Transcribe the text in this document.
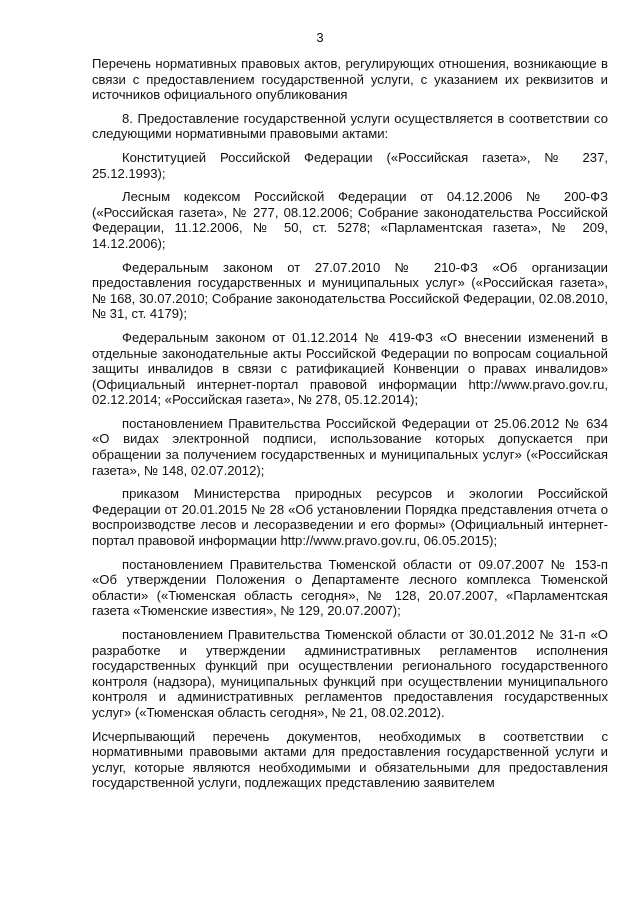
3

Перечень нормативных правовых актов, регулирующих отношения, возникающие в связи с предоставлением государственной услуги, с указанием их реквизитов и источников официального опубликования

8. Предоставление государственной услуги осуществляется в соответствии со следующими нормативными правовыми актами:

Конституцией Российской Федерации («Российская газета», № 237, 25.12.1993);

Лесным кодексом Российской Федерации от 04.12.2006 № 200-ФЗ («Российская газета», № 277, 08.12.2006; Собрание законодательства Российской Федерации, 11.12.2006, № 50, ст. 5278; «Парламентская газета», № 209, 14.12.2006);

Федеральным законом от 27.07.2010 № 210-ФЗ «Об организации предоставления государственных и муниципальных услуг» («Российская газета», № 168, 30.07.2010; Собрание законодательства Российской Федерации, 02.08.2010, № 31, ст. 4179);

Федеральным законом от 01.12.2014 № 419-ФЗ «О внесении изменений в отдельные законодательные акты Российской Федерации по вопросам социальной защиты инвалидов в связи с ратификацией Конвенции о правах инвалидов» (Официальный интернет-портал правовой информации http://www.pravo.gov.ru, 02.12.2014; «Российская газета», № 278, 05.12.2014);

постановлением Правительства Российской Федерации от 25.06.2012 № 634 «О видах электронной подписи, использование которых допускается при обращении за получением государственных и муниципальных услуг» («Российская газета», № 148, 02.07.2012);

приказом Министерства природных ресурсов и экологии Российской Федерации от 20.01.2015 № 28 «Об установлении Порядка представления отчета о воспроизводстве лесов и лесоразведении и его формы» (Официальный интернет-портал правовой информации http://www.pravo.gov.ru, 06.05.2015);

постановлением Правительства Тюменской области от 09.07.2007 № 153-п «Об утверждении Положения о Департаменте лесного комплекса Тюменской области» («Тюменская область сегодня», № 128, 20.07.2007, «Парламентская газета «Тюменские известия», № 129, 20.07.2007);

постановлением Правительства Тюменской области от 30.01.2012 № 31-п «О разработке и утверждении административных регламентов исполнения государственных функций при осуществлении регионального государственного контроля (надзора), муниципальных функций при осуществлении муниципального контроля и административных регламентов предоставления государственных услуг» («Тюменская область сегодня», № 21, 08.02.2012).

Исчерпывающий перечень документов, необходимых в соответствии с нормативными правовыми актами для предоставления государственной услуги и услуг, которые являются необходимыми и обязательными для предоставления государственной услуги, подлежащих представлению заявителем
